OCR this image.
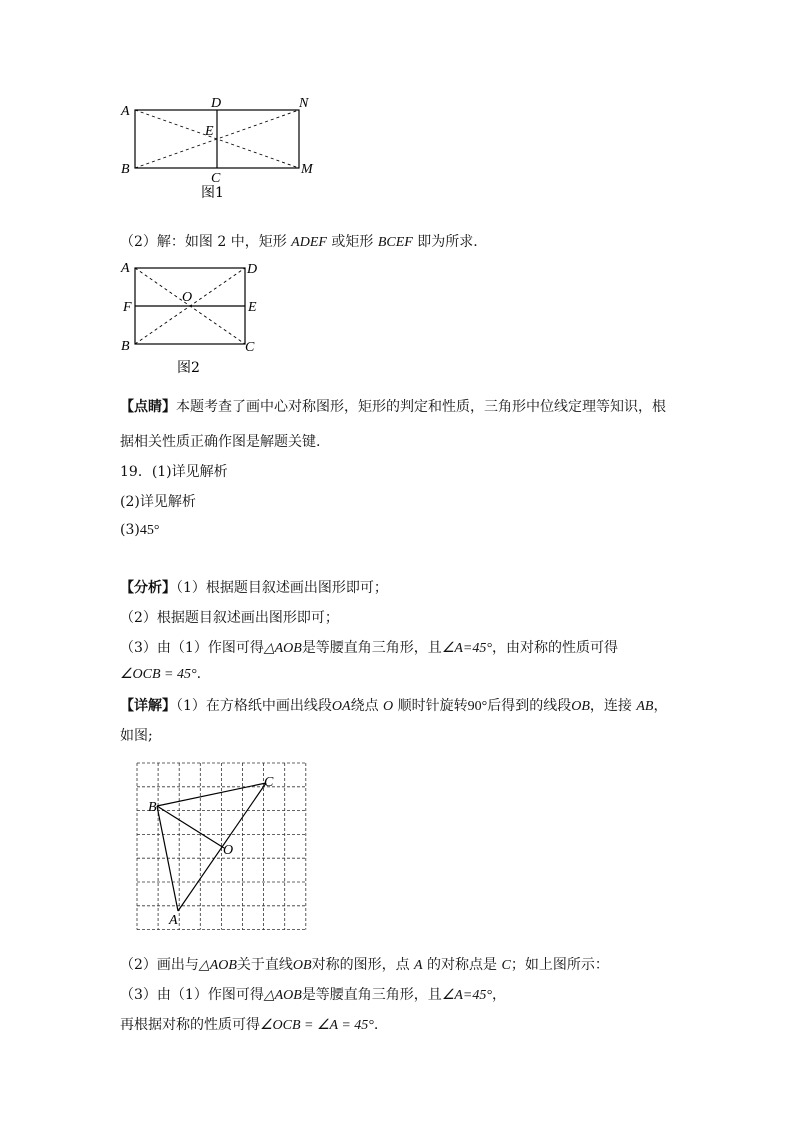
A
D	N
E
B
C
M
图1
（2）解：如图 2 中，矩形 ADEF 或矩形 BCEF 即为所求.
A	D
O
F	E
B	C
图2
【点睛】本题考查了画中心对称图形，矩形的判定和性质，三角形中位线定理等知识，根
据相关性质正确作图是解题关键.
19．(1)详见解析
(2)详见解析
(3)45°
【分析】（1）根据题目叙述画出图形即可；
（2）根据题目叙述画出图形即可；
（3）由（1）作图可得△AOB是等腰直角三角形，且∠A=45°，由对称的性质可得
∠OCB = 45°.
【详解】（1）在方格纸中画出线段OA绕点 O 顺时针旋转90°后得到的线段OB，连接 AB，
如图;
B
C
O
A
（2）画出与△AOB关于直线OB对称的图形，点 A 的对称点是 C；如上图所示：
（3）由（1）作图可得△AOB是等腰直角三角形，且∠A=45°，
再根据对称的性质可得∠OCB = ∠A = 45°.
